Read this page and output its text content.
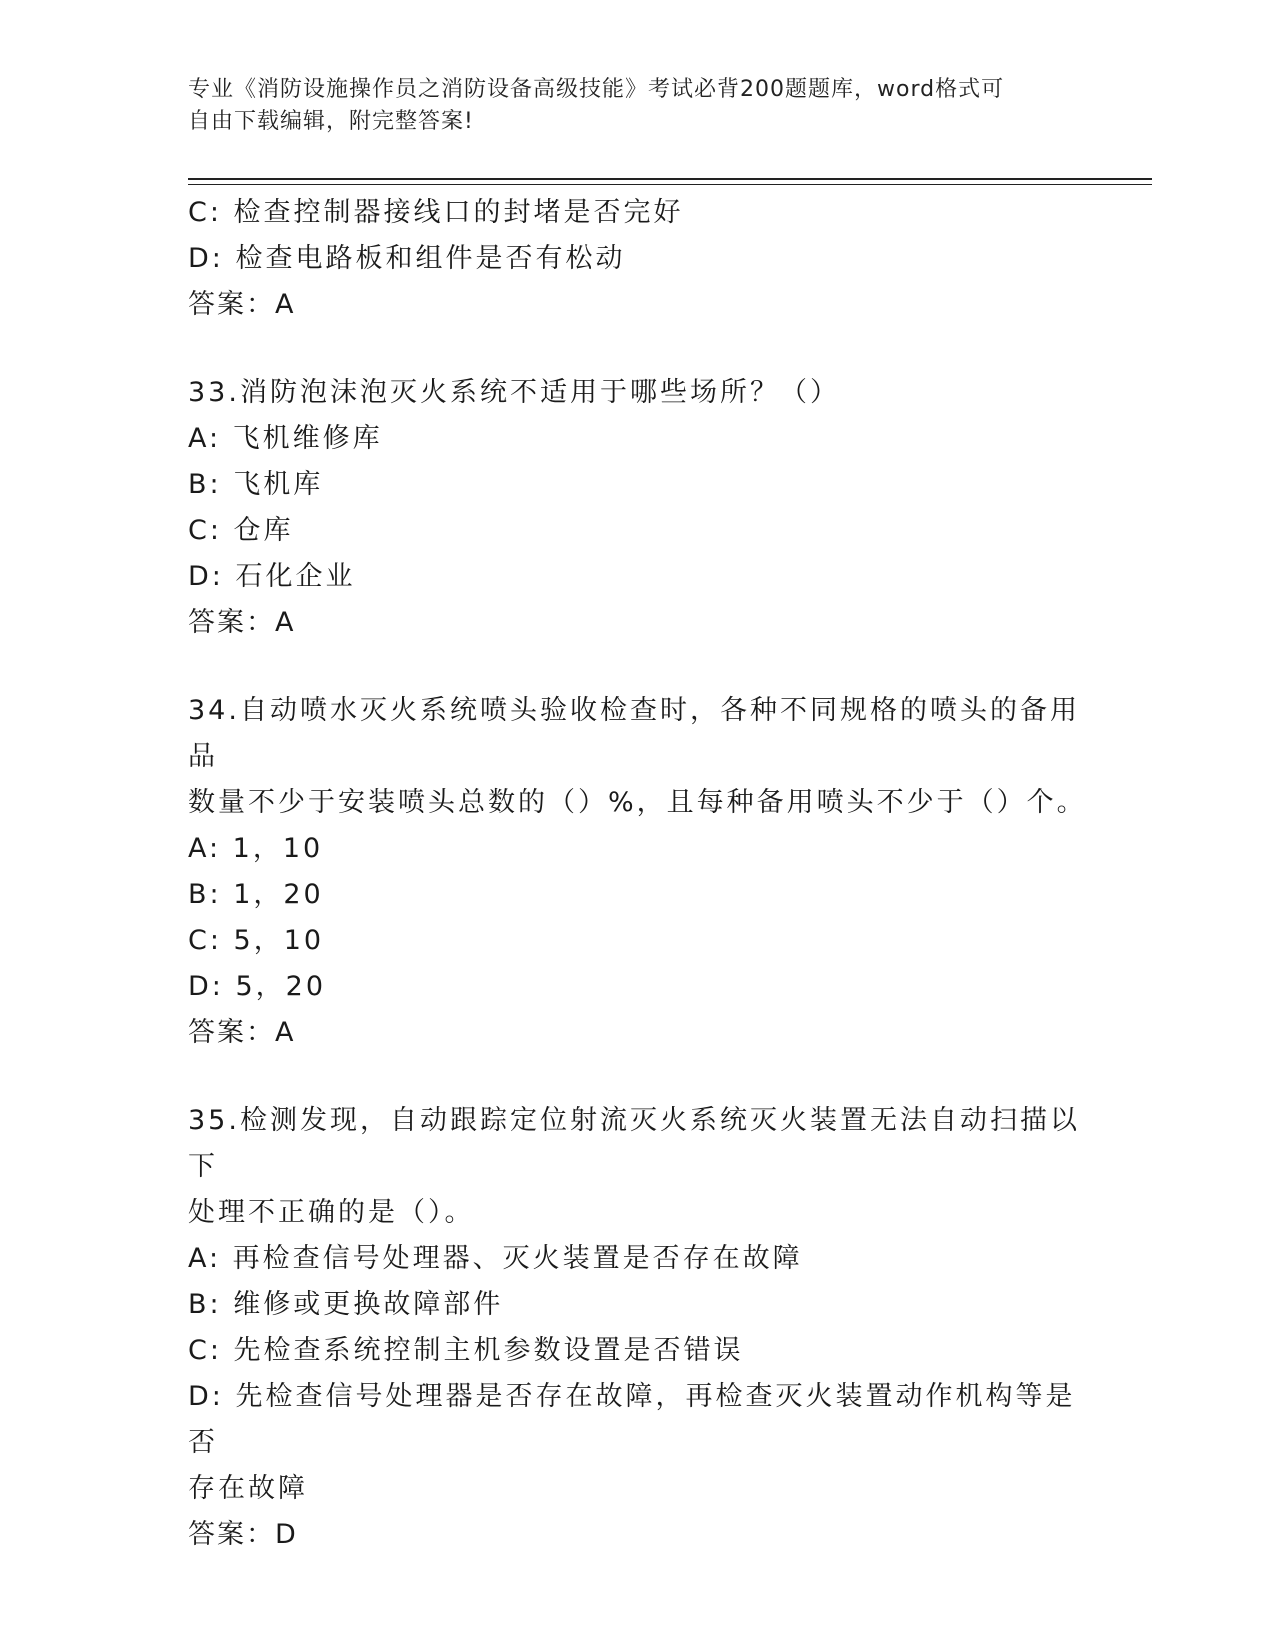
专业《消防设施操作员之消防设备高级技能》考试必背200题题库，word格式可
自由下载编辑，附完整答案!
C: 检查控制器接线口的封堵是否完好
D: 检查电路板和组件是否有松动
答案：A
33.消防泡沫泡灭火系统不适用于哪些场所？（）
A: 飞机维修库
B: 飞机库
C: 仓库
D: 石化企业
答案：A
34.自动喷水灭火系统喷头验收检查时，各种不同规格的喷头的备用品
数量不少于安装喷头总数的（）%，且每种备用喷头不少于（）个。
A: 1，10
B: 1，20
C: 5，10
D: 5，20
答案：A
35.检测发现，自动跟踪定位射流灭火系统灭火装置无法自动扫描以下
处理不正确的是（）。
A: 再检查信号处理器、灭火装置是否存在故障
B: 维修或更换故障部件
C: 先检查系统控制主机参数设置是否错误
D: 先检查信号处理器是否存在故障，再检查灭火装置动作机构等是否
存在故障
答案：D
